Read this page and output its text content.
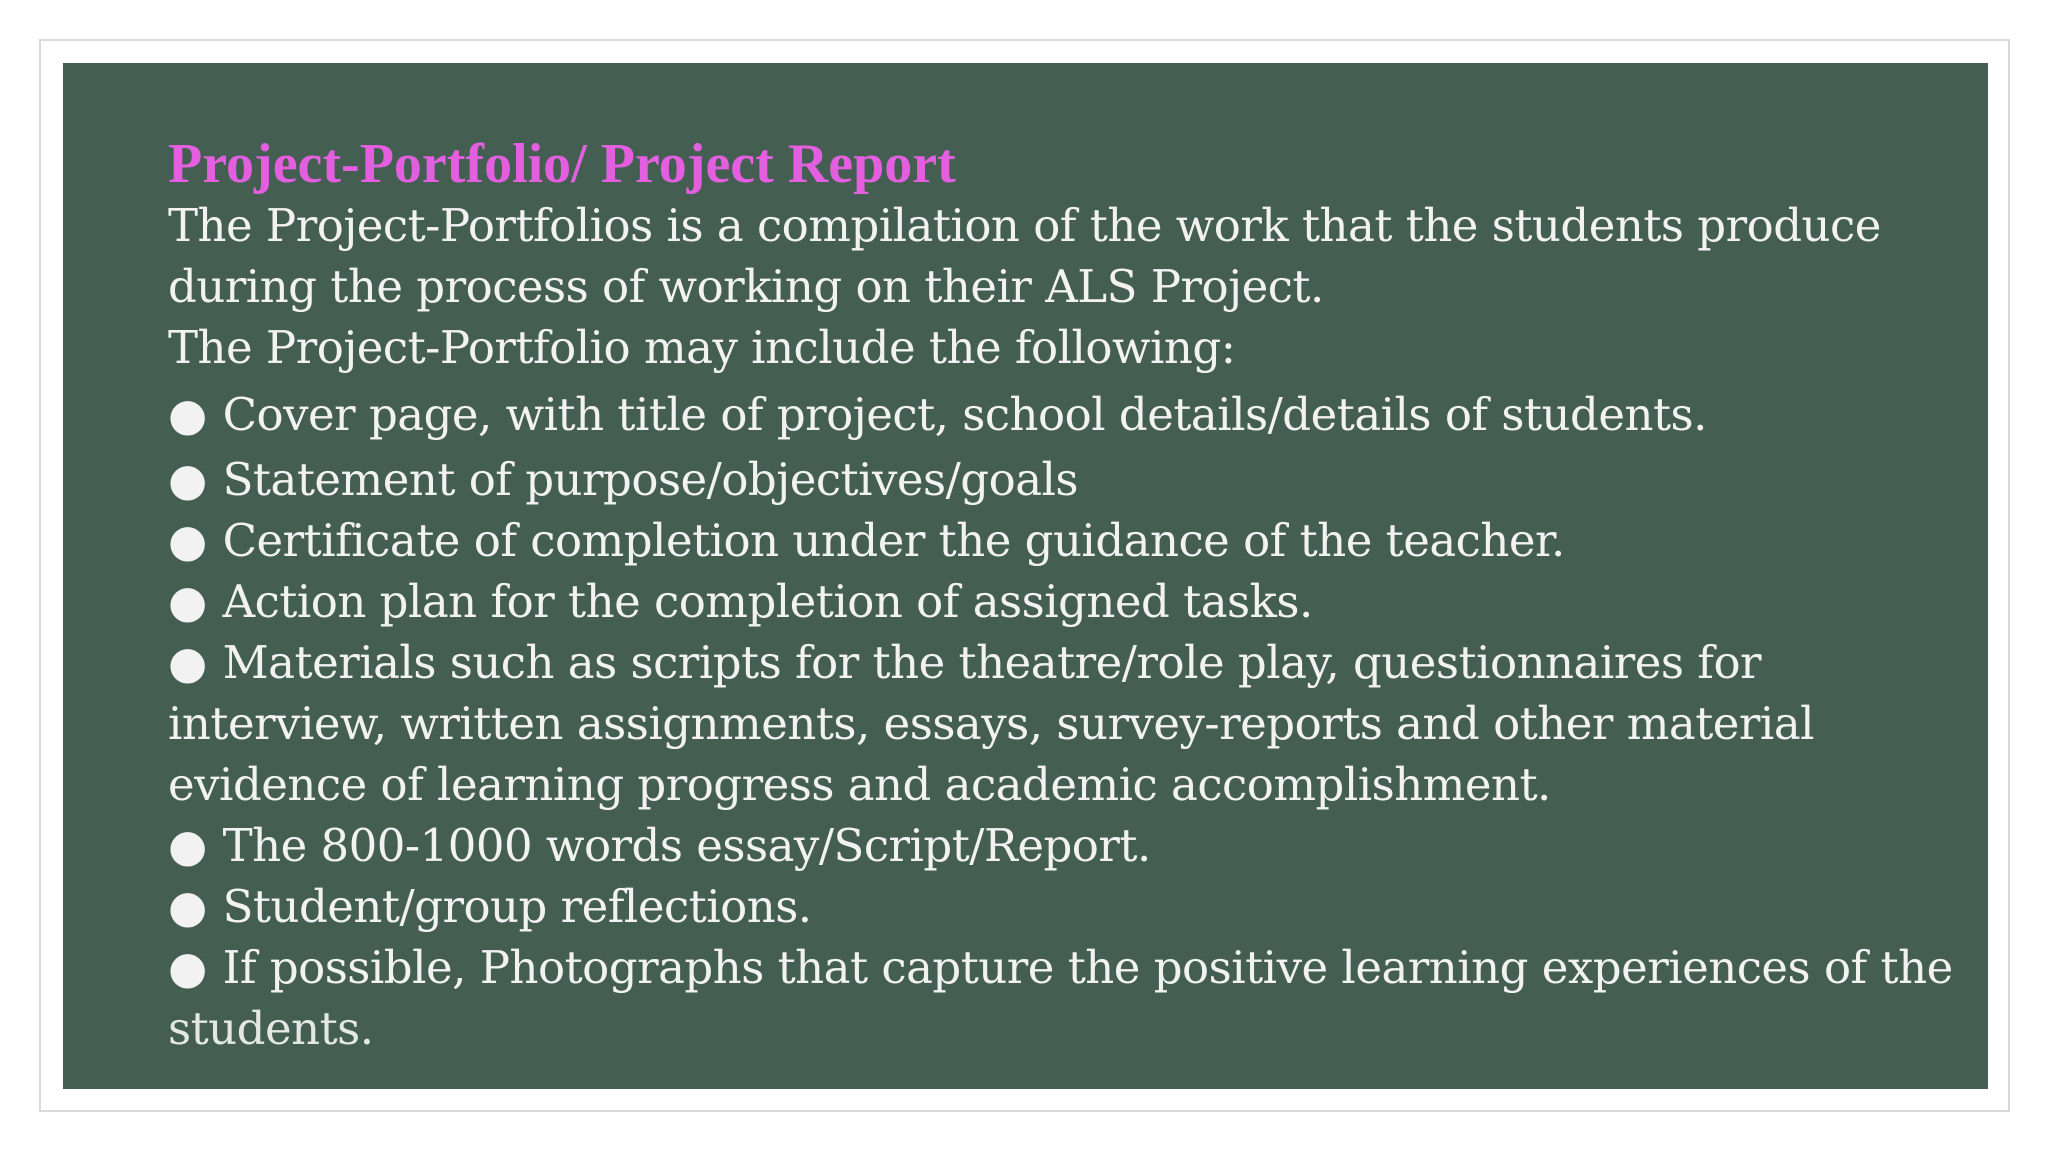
Project-Portfolio/ Project Report

The Project-Portfolios is a compilation of the work that the students produce during the process of working on their ALS Project.

The Project-Portfolio may include the following:

● Cover page, with title of project, school details/details of students.
● Statement of purpose/objectives/goals
● Certificate of completion under the guidance of the teacher.
● Action plan for the completion of assigned tasks.
● Materials such as scripts for the theatre/role play, questionnaires for interview, written assignments, essays, survey-reports and other material evidence of learning progress and academic accomplishment.
● The 800-1000 words essay/Script/Report.
● Student/group reflections.
● If possible, Photographs that capture the positive learning experiences of the
students.
